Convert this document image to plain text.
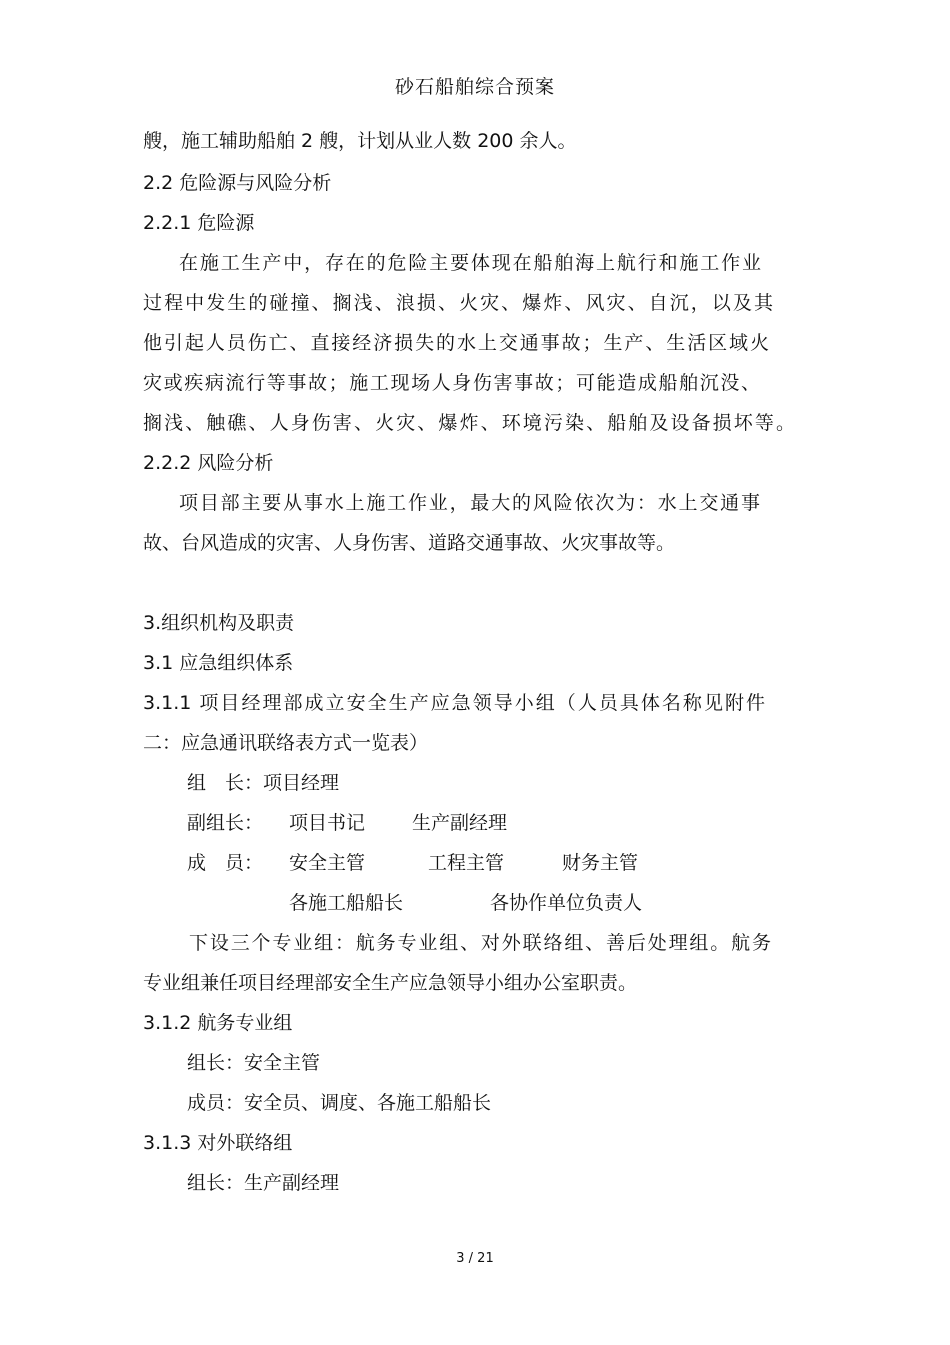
砂石船舶综合预案
艘，施工辅助船舶 2 艘，计划从业人数 200 余人。
2.2 危险源与风险分析
2.2.1 危险源
在施工生产中，存在的危险主要体现在船舶海上航行和施工作业
过程中发生的碰撞、搁浅、浪损、火灾、爆炸、风灾、自沉，以及其
他引起人员伤亡、直接经济损失的水上交通事故；生产、生活区域火
灾或疾病流行等事故；施工现场人身伤害事故；可能造成船舶沉没、
搁浅、触礁、人身伤害、火灾、爆炸、环境污染、船舶及设备损坏等。
2.2.2 风险分析
项目部主要从事水上施工作业，最大的风险依次为：水上交通事
故、台风造成的灾害、人身伤害、道路交通事故、火灾事故等。
3.组织机构及职责
3.1 应急组织体系
3.1.1 项目经理部成立安全生产应急领导小组（人员具体名称见附件
二：应急通讯联络表方式一览表）
组　长：项目经理
副组长： 项目书记 生产副经理
成　员： 安全主管	工程主管	财务主管
各施工船船长	各协作单位负责人
下设三个专业组：航务专业组、对外联络组、善后处理组。航务
专业组兼任项目经理部安全生产应急领导小组办公室职责。
3.1.2 航务专业组
组长：安全主管
成员：安全员、调度、各施工船船长
3.1.3 对外联络组
组长：生产副经理
3 / 21
